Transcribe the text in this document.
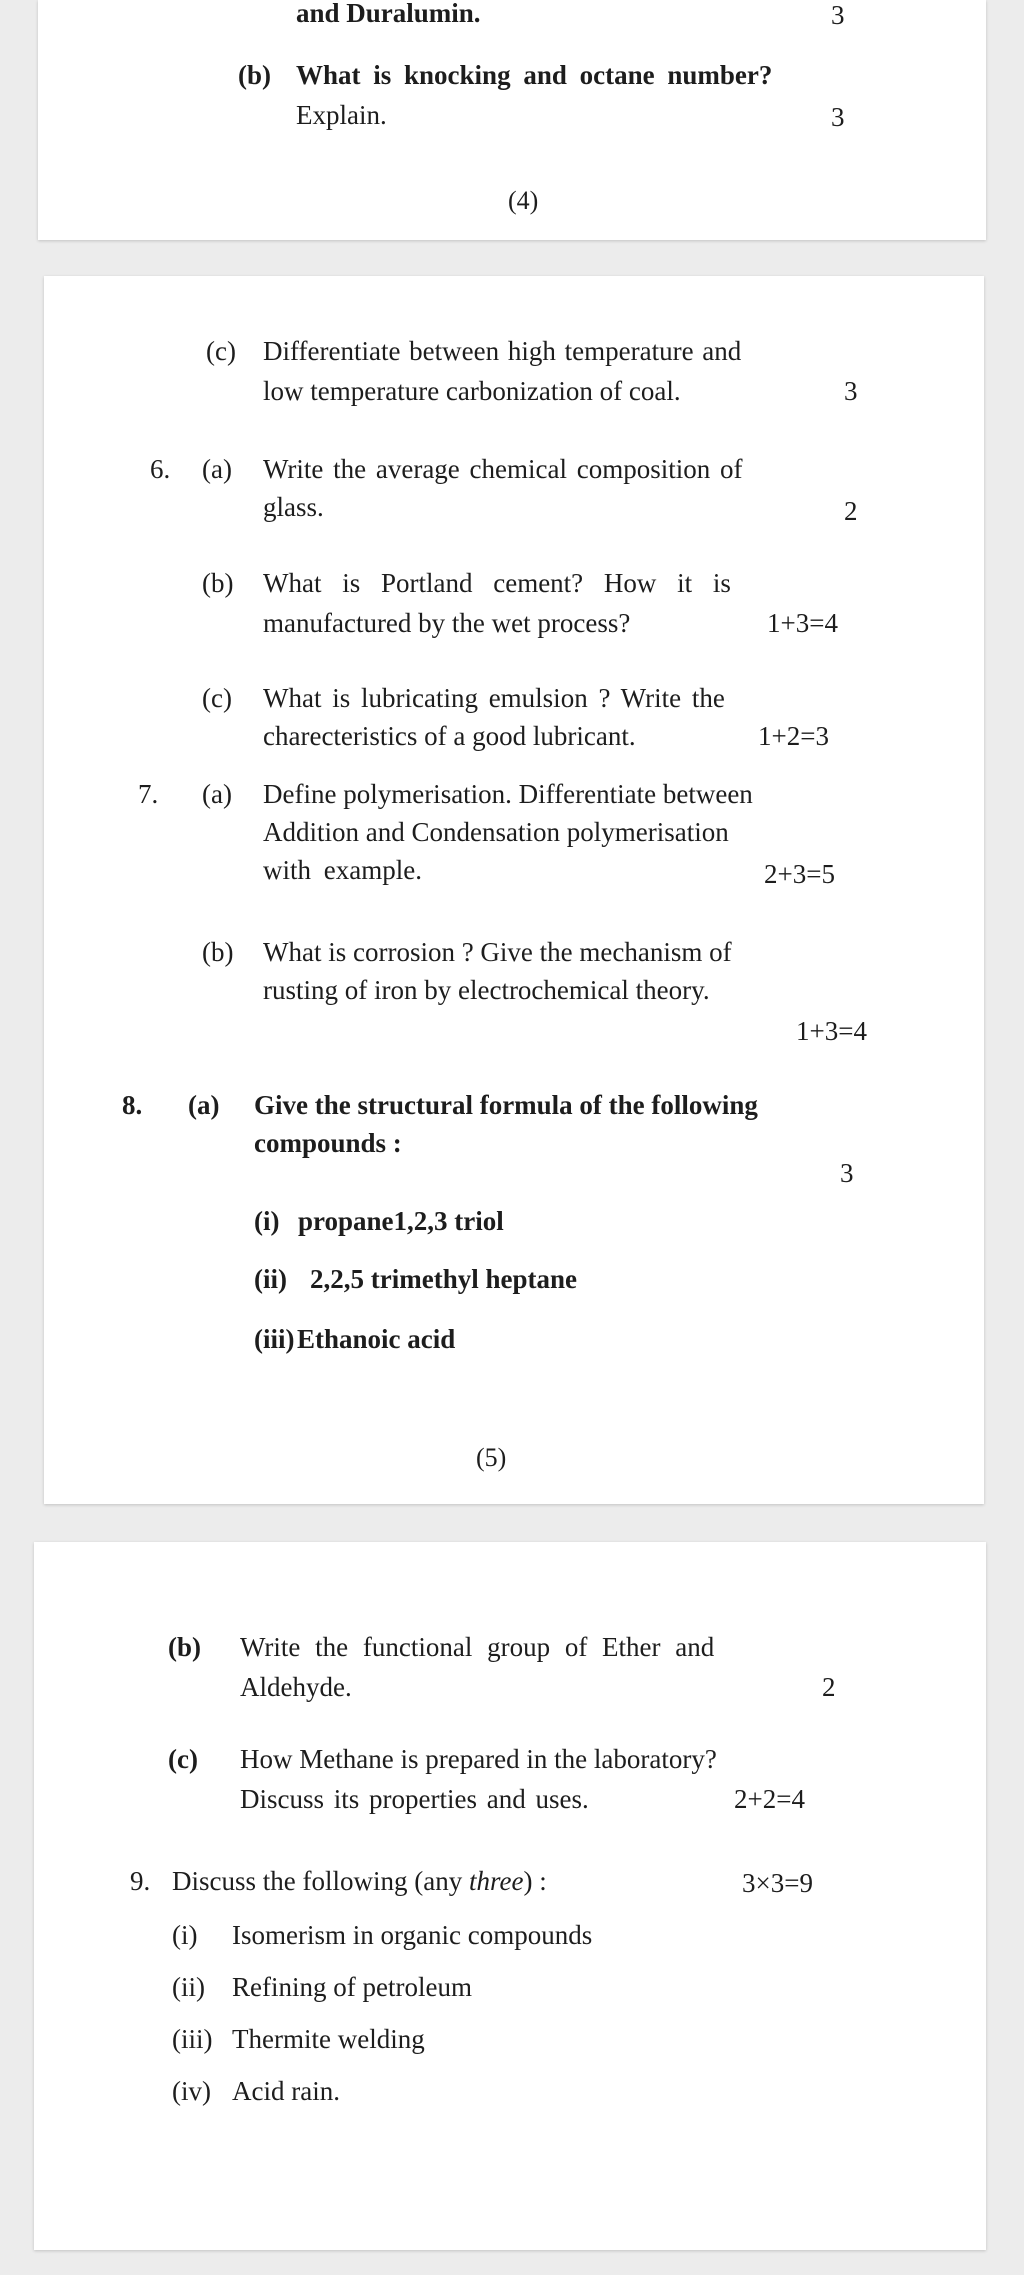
and Duralumin.	3
(b) What is knocking and octane number?
Explain.	3
(4)
(c) Differentiate between high temperature and
low temperature carbonization of coal.	3
6. (a) Write the average chemical composition of
glass.	2
(b) What is Portland cement? How it is
manufactured by the wet process?	1+3=4
(c) What is lubricating emulsion ? Write the
charecteristics of a good lubricant.	1+2=3
7. (a) Define polymerisation. Differentiate between
Addition and Condensation polymerisation
with example.	2+3=5
(b) What is corrosion ? Give the mechanism of
rusting of iron by electrochemical theory.
1+3=4
8. (a) Give the structural formula of the following
compounds :
3
(i) propane1,2,3 triol
(ii) 2,2,5 trimethyl heptane
(iii) Ethanoic acid
(5)
(b) Write the functional group of Ether and
Aldehyde.	2
(c) How Methane is prepared in the laboratory?
Discuss its properties and uses.	2+2=4
9. Discuss the following (any three) :	3×3=9
(i) Isomerism in organic compounds
(ii) Refining of petroleum
(iii) Thermite welding
(iv) Acid rain.
